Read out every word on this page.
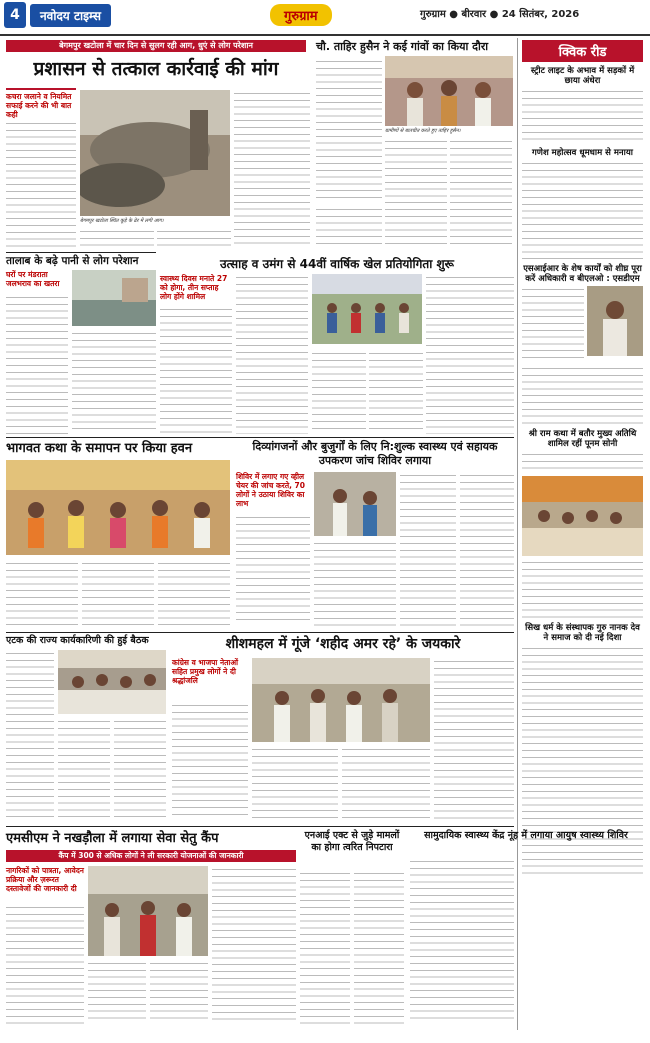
4	नवोदय टाइम्स	गुरुग्राम	गुरुग्राम ● बीरवार ● 24 सितंबर, 2026
बेगमपुर खटोला में चार दिन से सुलग रही आग, धुएं से लोग परेशान
प्रशासन से तत्काल कार्रवाई की मांग
कचरा जलाने व नियमित सफाई करने की भी बात कही
बेगमपुर खटोला स्थित कूड़े के ढेर में लगी आग।
चौ. ताहिर हुसैन ने कई गांवों का किया दौरा
ग्रामीणों से बातचीत करते हुए ताहिर हुसैन।
क्विक रीड
स्ट्रीट लाइट के अभाव में सड़कों में छाया अंधेरा
गणेश महोत्सव धूमधाम से मनाया
एसआईआर के शेष कार्यों को शीघ्र पूरा करें अधिकारी व बीएलओ : एसडीएम
श्री राम कथा में बतौर मुख्य अतिथि शामिल रहीं पूनम सोनी
सिख धर्म के संस्थापक गुरु नानक देव ने समाज को दी नई दिशा
तालाब के बढ़े पानी से लोग परेशान
घरों पर मंडराता जलभराव का खतरा
उत्साह व उमंग से 44वीं वार्षिक खेल प्रतियोगिता शुरू
स्वास्थ्य दिवस मनाते 27 को होगा, तीन सप्ताह लोग होंगे शामिल
भागवत कथा के समापन पर किया हवन	दिव्यांगजनों और बुजुर्गों के लिए नि:शुल्क स्वास्थ्य एवं सहायक उपकरण जांच शिविर लगाया
शिविर में लगाए गए व्हील चेयर की जांच करते, 70 लोगों ने उठाया शिविर का लाभ
एटक की राज्य कार्यकारिणी की हुई बैठक	शीशमहल में गूंजे ‘शहीद अमर रहे’ के जयकारे
कांग्रेस व भाजपा नेताओं सहित प्रमुख लोगों ने दी श्रद्धांजलि
एमसीएम ने नखड़ौला में लगाया सेवा सेतु कैंप
कैंप में 300 से अधिक लोगों ने ली सरकारी योजनाओं की जानकारी
नागरिकों को पात्रता, आवेदन प्रक्रिया और ज़रूरत दस्तावेजों की जानकारी दी
एनआई एक्ट से जुड़े मामलों का होगा त्वरित निपटारा
सामुदायिक स्वास्थ्य केंद्र नूंह में लगाया आयुष स्वास्थ्य शिविर
